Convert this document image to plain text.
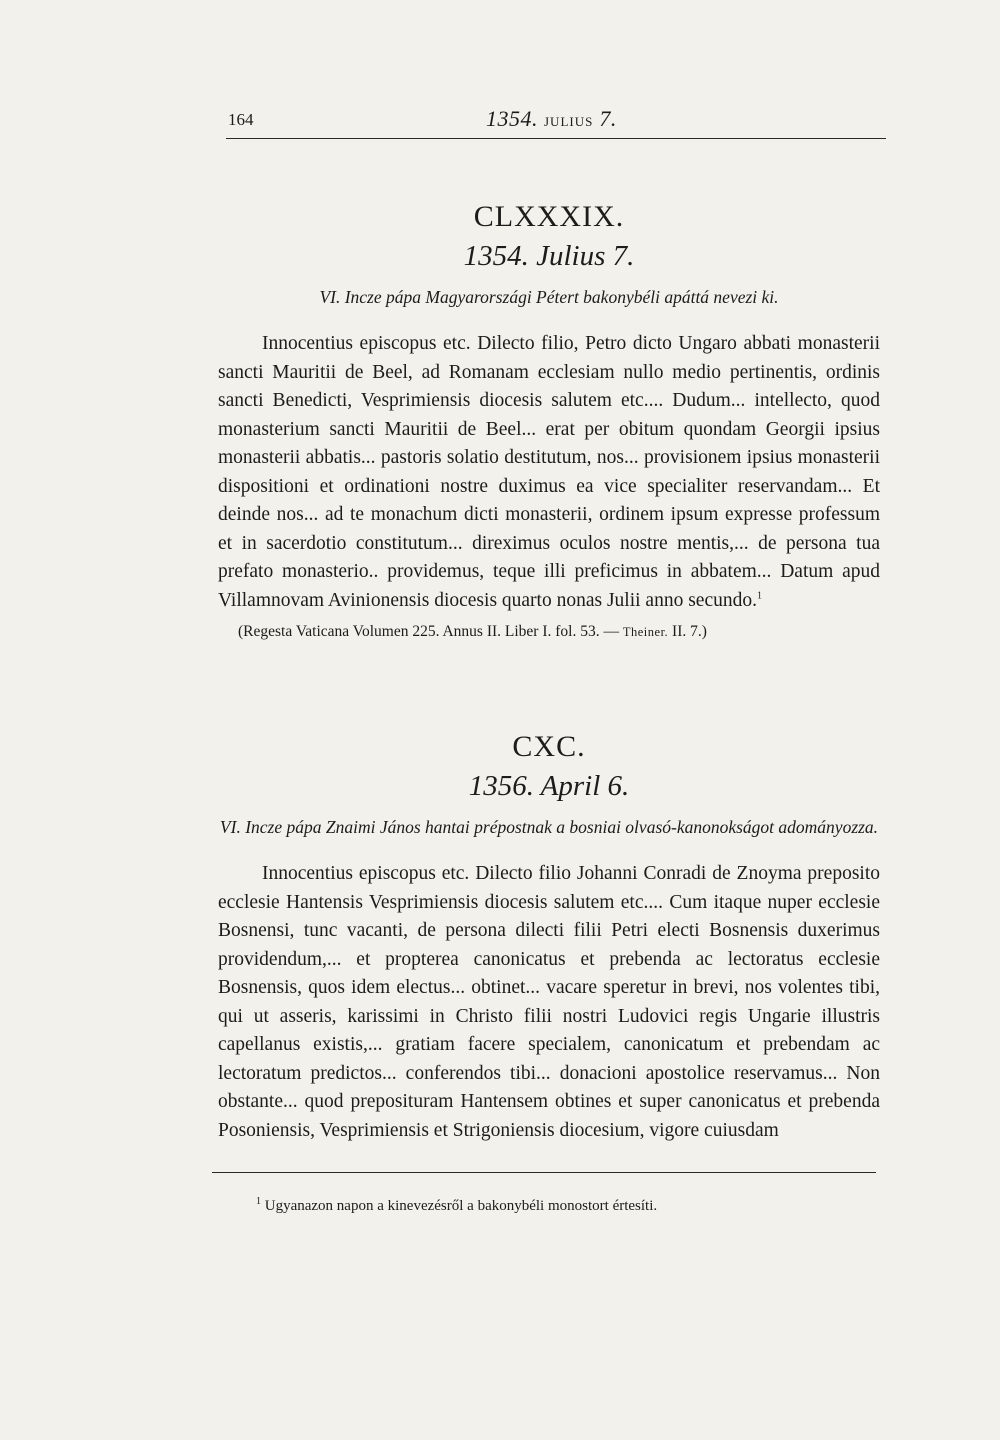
164	1354. JULIUS 7.
CLXXXIX.
1354. Julius 7.

VI. Incze pápa Magyarországi Pétert bakonybéli apáttá nevezi ki.

Innocentius episcopus etc. Dilecto filio, Petro dicto Ungaro abbati monasterii sancti Mauritii de Beel, ad Romanam ecclesiam nullo medio pertinentis, ordinis sancti Benedicti, Vesprimiensis diocesis salutem etc.... Dudum... intellecto, quod monasterium sancti Mauritii de Beel... erat per obitum quondam Georgii ipsius monasterii abbatis... pastoris solatio destitutum, nos... provisionem ipsius monasterii dispositioni et ordinationi nostre duximus ea vice specialiter reservandam... Et deinde nos... ad te monachum dicti monasterii, ordinem ipsum expresse professum et in sacerdotio constitutum... direximus oculos nostre mentis,... de persona tua prefato monasterio.. providemus, teque illi preficimus in abbatem... Datum apud Villamnovam Avinionensis diocesis quarto nonas Julii anno secundo.$^1$

(Regesta Vaticana Volumen 225. Annus II. Liber I. fol. 53. — Theiner. II. 7.)

CXC.
1356. April 6.

VI. Incze pápa Znaimi János hantai prépostnak a bosniai olvasó-kanonokságot adományozza.

Innocentius episcopus etc. Dilecto filio Johanni Conradi de Znoyma preposito ecclesie Hantensis Vesprimiensis diocesis salutem etc.... Cum itaque nuper ecclesie Bosnensi, tunc vacanti, de persona dilecti filii Petri electi Bosnensis duxerimus providendum,... et propterea canonicatus et prebenda ac lectoratus ecclesie Bosnensis, quos idem electus... obtinet... vacare speretur in brevi, nos volentes tibi, qui ut asseris, karissimi in Christo filii nostri Ludovici regis Ungarie illustris capellanus existis,... gratiam facere specialem, canonicatum et prebendam ac lectoratum predictos... conferendos tibi... donacioni apostolice reservamus... Non obstante... quod preposituram Hantensem obtines et super canonicatus et prebenda Posoniensis, Vesprimiensis et Strigoniensis diocesium, vigore cuiusdam

$^1$ Ugyanazon napon a kinevezésről a bakonybéli monostort értesíti.
